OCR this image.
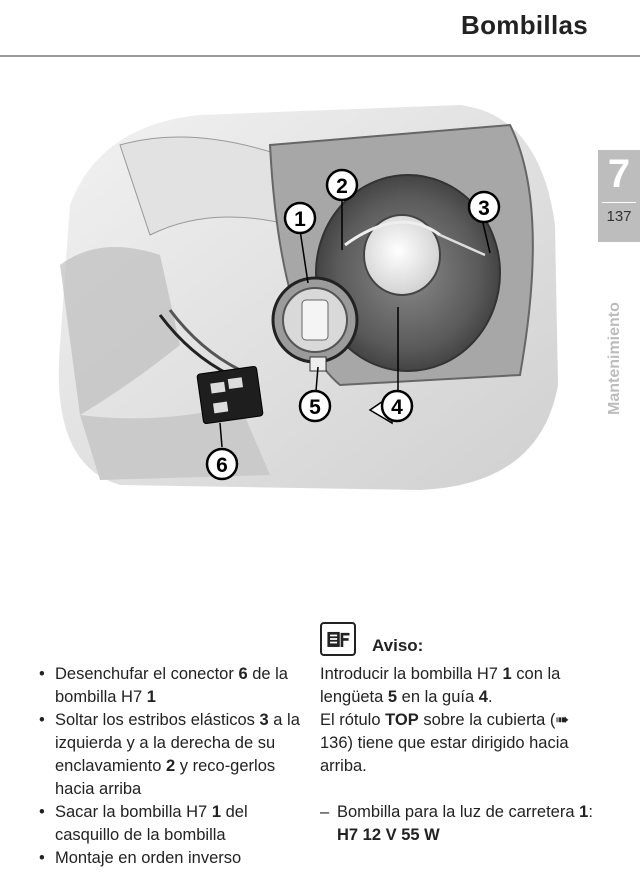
Bombillas
7
137
Mantenimiento
1
2
3
4
5
6
• Desenchufar el conector 6 de la bombilla H7 1
• Soltar los estribos elásticos 3 a la izquierda y a la derecha de su enclavamiento 2 y reco-gerlos hacia arriba
• Sacar la bombilla H7 1 del casquillo de la bombilla
• Montaje en orden inverso
Aviso:

Introducir la bombilla H7 1 con la lengüeta 5 en la guía 4.

El rótulo TOP sobre la cubierta (➠ 136) tiene que estar dirigido hacia arriba.

– Bombilla para la luz de carretera 1:
H7 12 V 55 W
